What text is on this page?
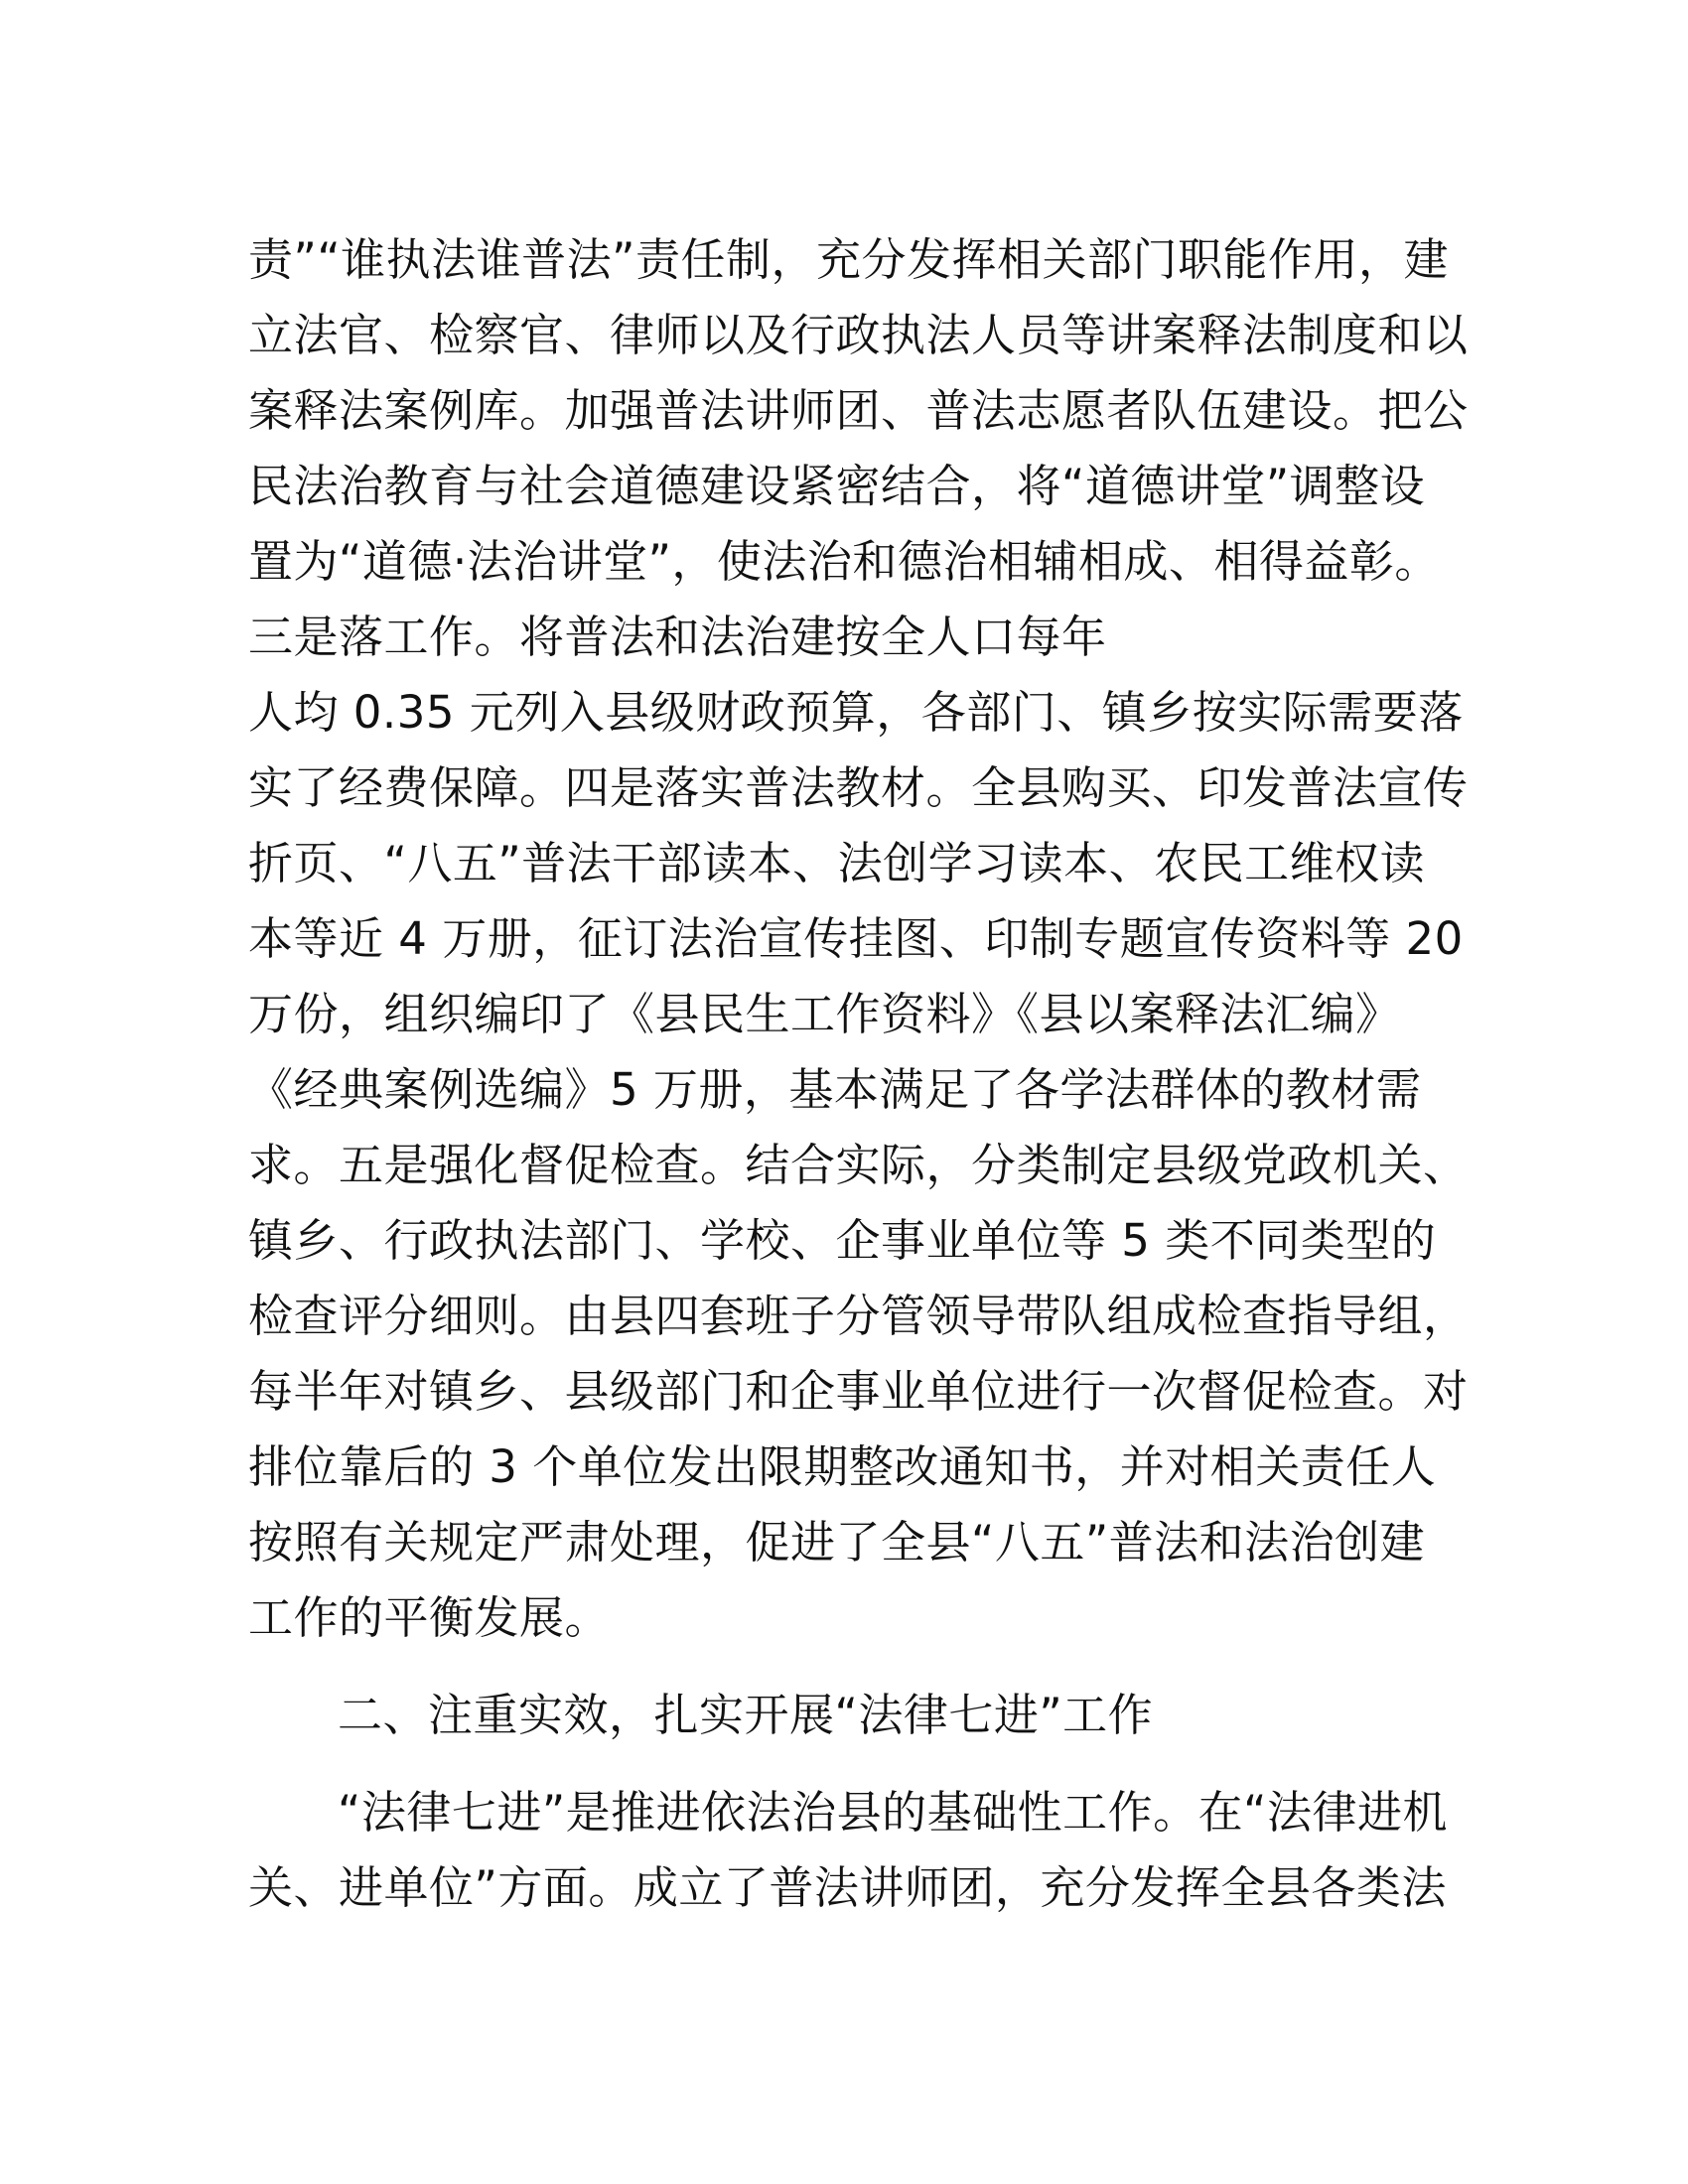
责”“谁执法谁普法”责任制，充分发挥相关部门职能作用，建
立法官、检察官、律师以及行政执法人员等讲案释法制度和以
案释法案例库。加强普法讲师团、普法志愿者队伍建设。把公
民法治教育与社会道德建设紧密结合，将“道德讲堂”调整设
置为“道德·法治讲堂”，使法治和德治相辅相成、相得益彰。
三是落工作。将普法和法治建按全人口每年
人均 0.35 元列入县级财政预算，各部门、镇乡按实际需要落
实了经费保障。四是落实普法教材。全县购买、印发普法宣传
折页、“八五”普法干部读本、法创学习读本、农民工维权读
本等近 4 万册，征订法治宣传挂图、印制专题宣传资料等 20
万份，组织编印了《县民生工作资料》《县以案释法汇编》
《经典案例选编》5 万册，基本满足了各学法群体的教材需
求。五是强化督促检查。结合实际，分类制定县级党政机关、
镇乡、行政执法部门、学校、企事业单位等 5 类不同类型的
检查评分细则。由县四套班子分管领导带队组成检查指导组，
每半年对镇乡、县级部门和企事业单位进行一次督促检查。对
排位靠后的 3 个单位发出限期整改通知书，并对相关责任人
按照有关规定严肃处理，促进了全县“八五”普法和法治创建
工作的平衡发展。
二、注重实效，扎实开展“法律七进”工作
“法律七进”是推进依法治县的基础性工作。在“法律进机
关、进单位”方面。成立了普法讲师团，充分发挥全县各类法
